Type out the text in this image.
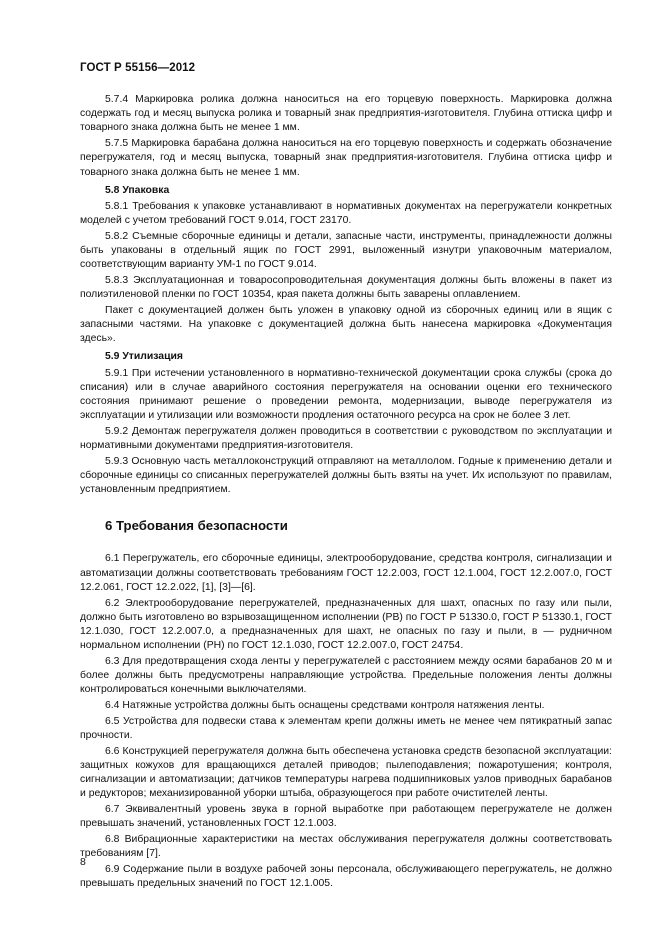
ГОСТ Р 55156—2012

5.7.4 Маркировка ролика должна наноситься на его торцевую поверхность. Маркировка должна содержать год и месяц выпуска ролика и товарный знак предприятия-изготовителя. Глубина оттиска цифр и товарного знака должна быть не менее 1 мм.

5.7.5 Маркировка барабана должна наноситься на его торцевую поверхность и содержать обозначение перегружателя, год и месяц выпуска, товарный знак предприятия-изготовителя. Глубина оттиска цифр и товарного знака должна быть не менее 1 мм.

5.8 Упаковка

5.8.1 Требования к упаковке устанавливают в нормативных документах на перегружатели конкретных моделей с учетом требований ГОСТ 9.014, ГОСТ 23170.

5.8.2 Съемные сборочные единицы и детали, запасные части, инструменты, принадлежности должны быть упакованы в отдельный ящик по ГОСТ 2991, выложенный изнутри упаковочным материалом, соответствующим варианту УМ-1 по ГОСТ 9.014.

5.8.3 Эксплуатационная и товаросопроводительная документация должны быть вложены в пакет из полиэтиленовой пленки по ГОСТ 10354, края пакета должны быть заварены оплавлением.

Пакет с документацией должен быть уложен в упаковку одной из сборочных единиц или в ящик с запасными частями. На упаковке с документацией должна быть нанесена маркировка «Документация здесь».

5.9 Утилизация

5.9.1 При истечении установленного в нормативно-технической документации срока службы (срока до списания) или в случае аварийного состояния перегружателя на основании оценки его технического состояния принимают решение о проведении ремонта, модернизации, выводе перегружателя из эксплуатации и утилизации или возможности продления остаточного ресурса на срок не более 3 лет.

5.9.2 Демонтаж перегружателя должен проводиться в соответствии с руководством по эксплуатации и нормативными документами предприятия-изготовителя.

5.9.3 Основную часть металлоконструкций отправляют на металлолом. Годные к применению детали и сборочные единицы со списанных перегружателей должны быть взяты на учет. Их используют по правилам, установленным предприятием.

6 Требования безопасности

6.1 Перегружатель, его сборочные единицы, электрооборудование, средства контроля, сигнализации и автоматизации должны соответствовать требованиям ГОСТ 12.2.003, ГОСТ 12.1.004, ГОСТ 12.2.007.0, ГОСТ 12.2.061, ГОСТ 12.2.022, [1], [3]—[6].

6.2 Электрооборудование перегружателей, предназначенных для шахт, опасных по газу или пыли, должно быть изготовлено во взрывозащищенном исполнении (РВ) по ГОСТ Р 51330.0, ГОСТ Р 51330.1, ГОСТ 12.1.030, ГОСТ 12.2.007.0, а предназначенных для шахт, не опасных по газу и пыли, в — рудничном нормальном исполнении (РН) по ГОСТ 12.1.030, ГОСТ 12.2.007.0, ГОСТ 24754.

6.3 Для предотвращения схода ленты у перегружателей с расстоянием между осями барабанов 20 м и более должны быть предусмотрены направляющие устройства. Предельные положения ленты должны контролироваться конечными выключателями.

6.4 Натяжные устройства должны быть оснащены средствами контроля натяжения ленты.

6.5 Устройства для подвески става к элементам крепи должны иметь не менее чем пятикратный запас прочности.

6.6 Конструкцией перегружателя должна быть обеспечена установка средств безопасной эксплуатации: защитных кожухов для вращающихся деталей приводов; пылеподавления; пожаротушения; контроля, сигнализации и автоматизации; датчиков температуры нагрева подшипниковых узлов приводных барабанов и редукторов; механизированной уборки штыба, образующегося при работе очистителей ленты.

6.7 Эквивалентный уровень звука в горной выработке при работающем перегружателе не должен превышать значений, установленных ГОСТ 12.1.003.

6.8 Вибрационные характеристики на местах обслуживания перегружателя должны соответствовать требованиям [7].

6.9 Содержание пыли в воздухе рабочей зоны персонала, обслуживающего перегружатель, не должно превышать предельных значений по ГОСТ 12.1.005.

8
